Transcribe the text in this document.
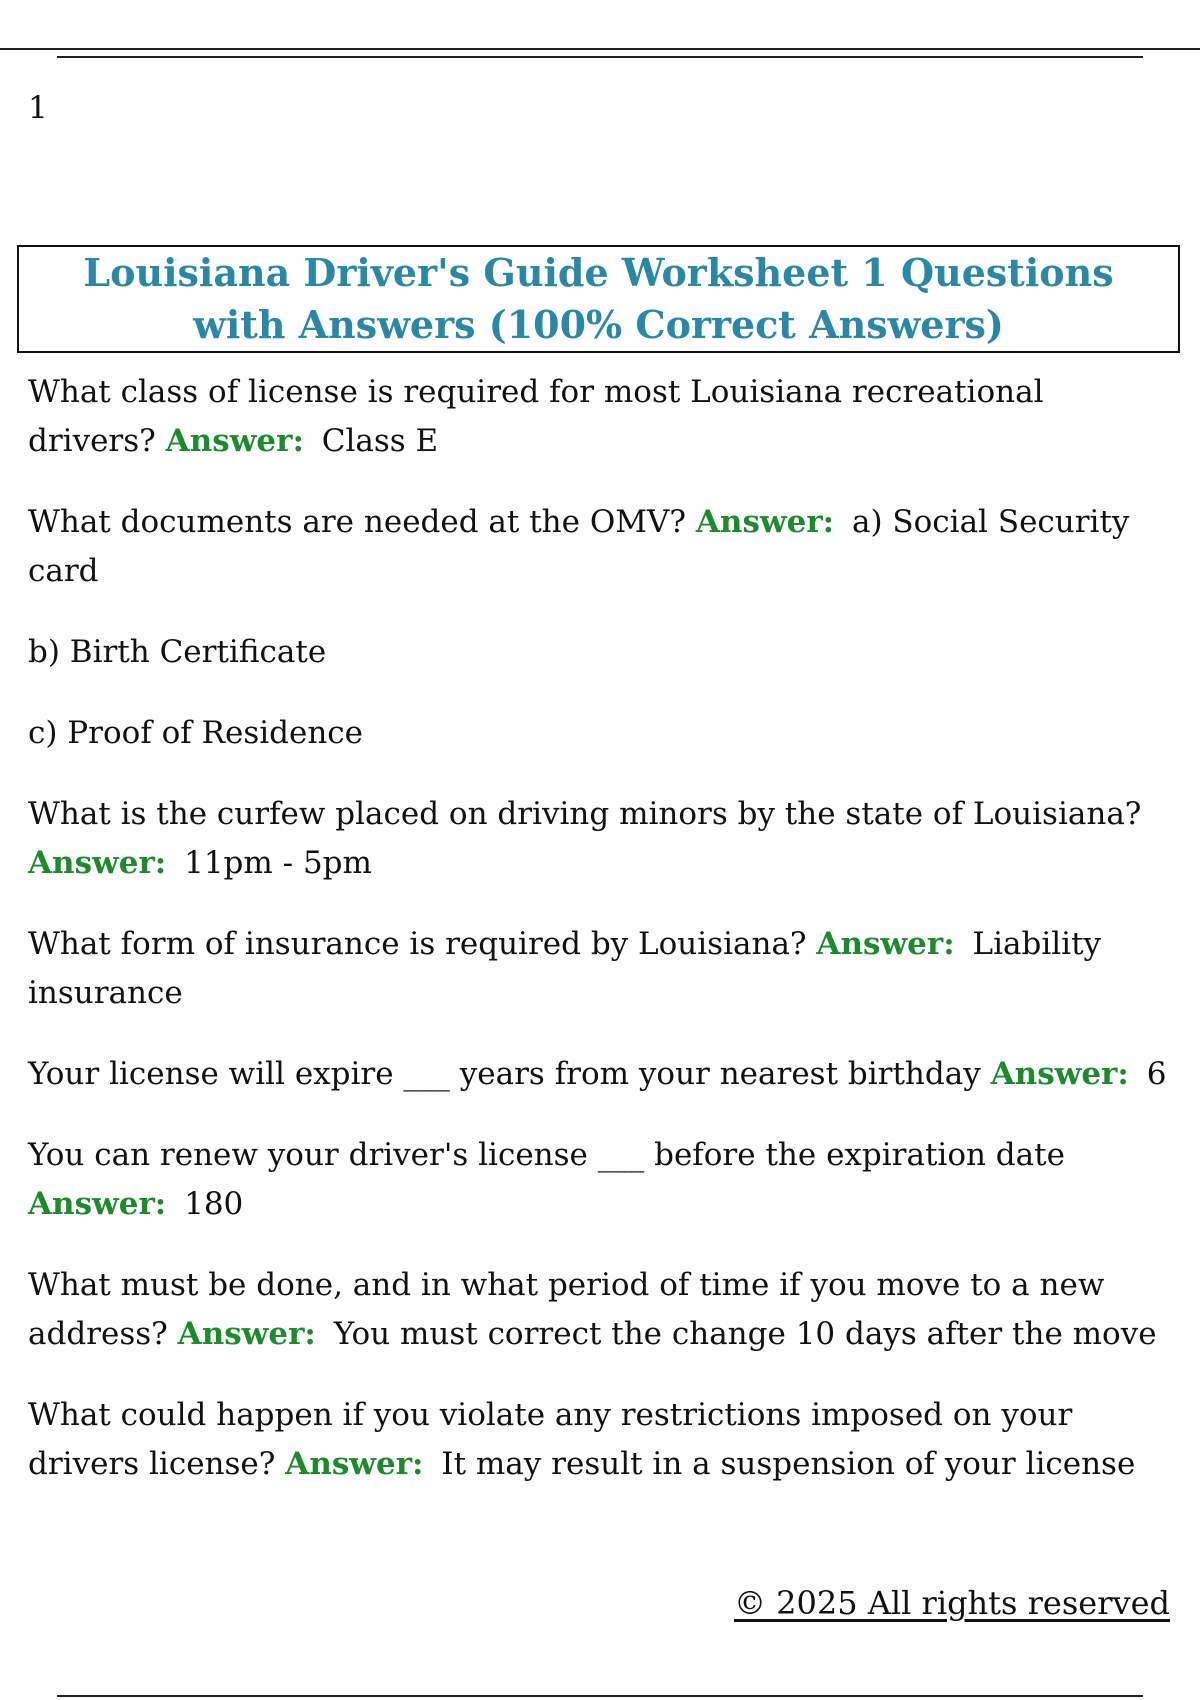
1
Louisiana Driver's Guide Worksheet 1 Questions with Answers (100% Correct Answers)

What class of license is required for most Louisiana recreational drivers? Answer: Class E

What documents are needed at the OMV? Answer: a) Social Security card

b) Birth Certificate

c) Proof of Residence

What is the curfew placed on driving minors by the state of Louisiana? Answer: 11pm - 5pm

What form of insurance is required by Louisiana? Answer: Liability insurance

Your license will expire ___ years from your nearest birthday Answer: 6

You can renew your driver's license ___ before the expiration date Answer: 180

What must be done, and in what period of time if you move to a new address? Answer: You must correct the change 10 days after the move

What could happen if you violate any restrictions imposed on your drivers license? Answer: It may result in a suspension of your license

© 2025 All rights reserved
